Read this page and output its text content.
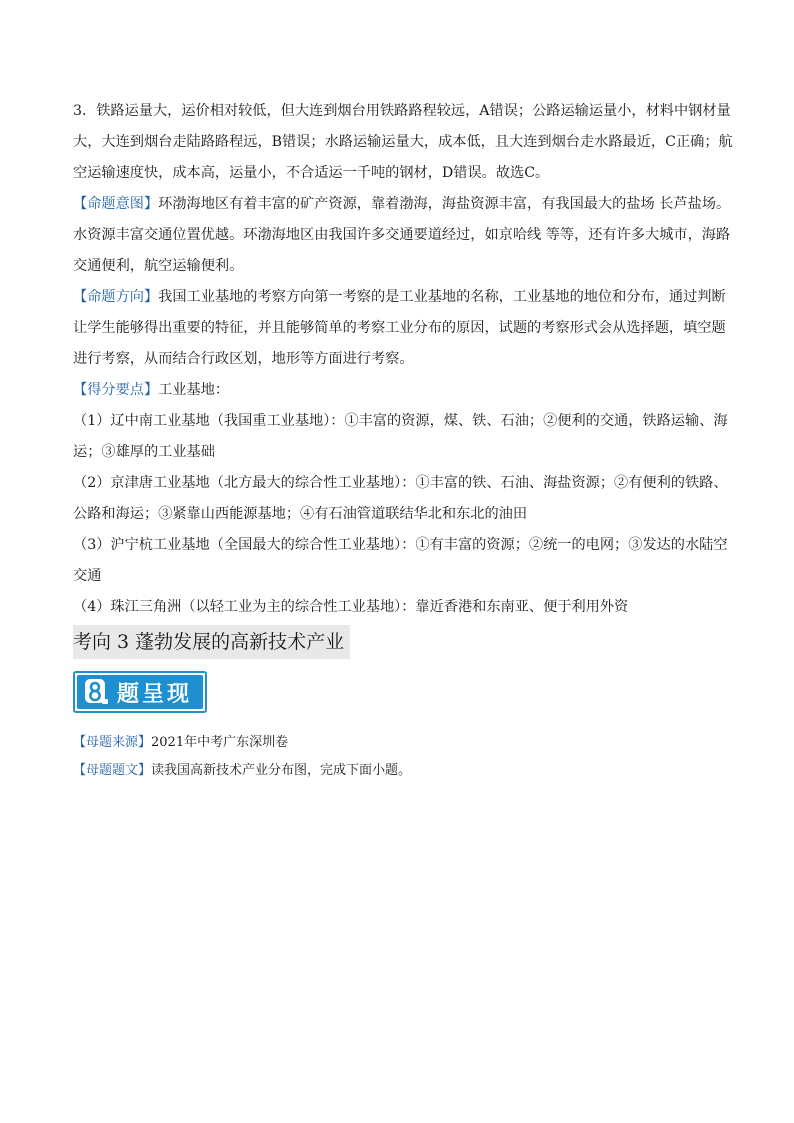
3．铁路运量大，运价相对较低，但大连到烟台用铁路路程较远，A错误；公路运输运量小，材料中钢材量

大，大连到烟台走陆路路程远，B错误；水路运输运量大，成本低，且大连到烟台走水路最近，C正确；航

空运输速度快，成本高，运量小，不合适运一千吨的钢材，D错误。故选C。

【命题意图】环渤海地区有着丰富的矿产资源，靠着渤海，海盐资源丰富，有我国最大的盐场 长芦盐场。

水资源丰富交通位置优越。环渤海地区由我国许多交通要道经过，如京哈线 等等，还有许多大城市，海路

交通便利，航空运输便利。

【命题方向】我国工业基地的考察方向第一考察的是工业基地的名称，工业基地的地位和分布，通过判断

让学生能够得出重要的特征，并且能够简单的考察工业分布的原因，试题的考察形式会从选择题，填空题

进行考察，从而结合行政区划，地形等方面进行考察。

【得分要点】工业基地：

（1）辽中南工业基地（我国重工业基地）：①丰富的资源，煤、铁、石油；②便利的交通，铁路运输、海

运；③雄厚的工业基础

（2）京津唐工业基地（北方最大的综合性工业基地）：①丰富的铁、石油、海盐资源；②有便利的铁路、

公路和海运；③紧靠山西能源基地；④有石油管道联结华北和东北的油田

（3）沪宁杭工业基地（全国最大的综合性工业基地）：①有丰富的资源；②统一的电网；③发达的水陆空

交通

（4）珠江三角洲（以轻工业为主的综合性工业基地）：靠近香港和东南亚、便于利用外资

考向 3 蓬勃发展的高新技术产业
题呈现

【母题来源】2021年中考广东深圳卷

【母题题文】读我国高新技术产业分布图，完成下面小题。
